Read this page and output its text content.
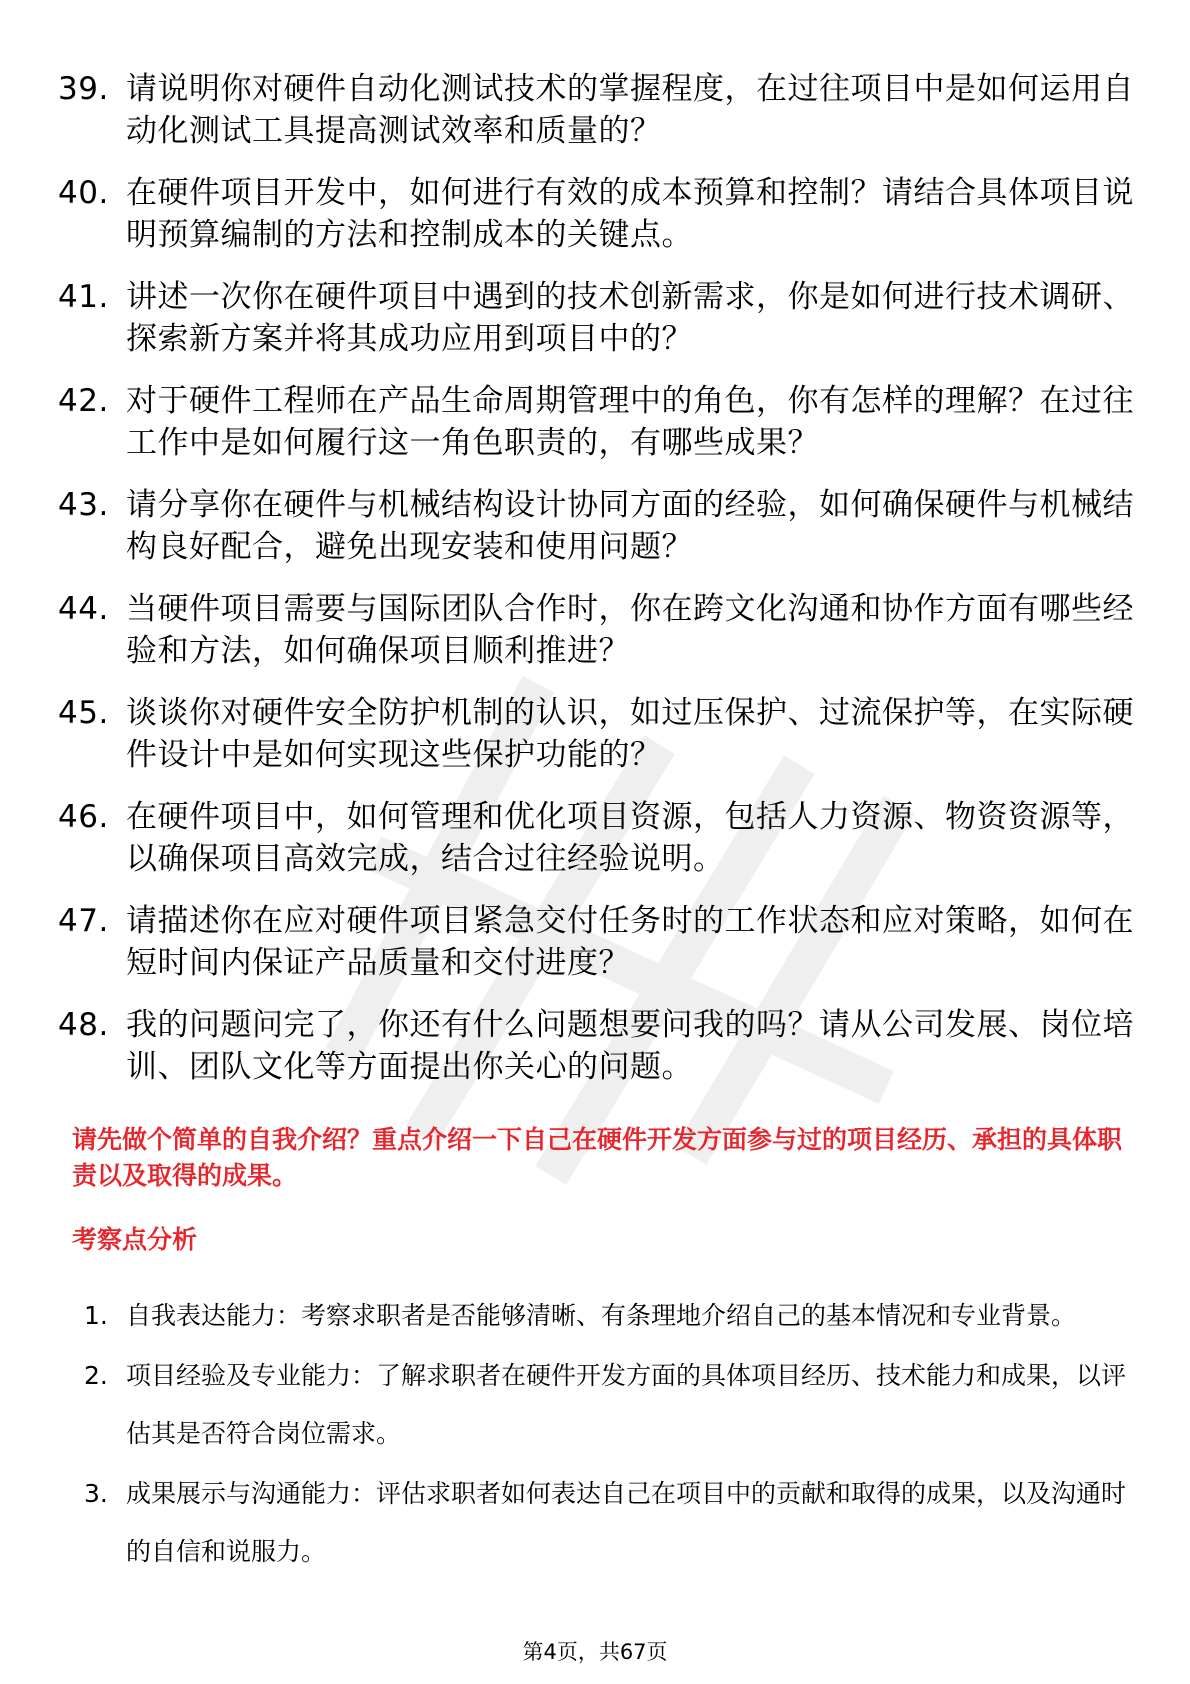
39. 请说明你对硬件自动化测试技术的掌握程度，在过往项目中是如何运用自动化测试工具提高测试效率和质量的？
40. 在硬件项目开发中，如何进行有效的成本预算和控制？请结合具体项目说明预算编制的方法和控制成本的关键点。
41. 讲述一次你在硬件项目中遇到的技术创新需求，你是如何进行技术调研、探索新方案并将其成功应用到项目中的？
42. 对于硬件工程师在产品生命周期管理中的角色，你有怎样的理解？在过往工作中是如何履行这一角色职责的，有哪些成果？
43. 请分享你在硬件与机械结构设计协同方面的经验，如何确保硬件与机械结构良好配合，避免出现安装和使用问题？
44. 当硬件项目需要与国际团队合作时，你在跨文化沟通和协作方面有哪些经验和方法，如何确保项目顺利推进？
45. 谈谈你对硬件安全防护机制的认识，如过压保护、过流保护等，在实际硬件设计中是如何实现这些保护功能的？
46. 在硬件项目中，如何管理和优化项目资源，包括人力资源、物资资源等，以确保项目高效完成，结合过往经验说明。
47. 请描述你在应对硬件项目紧急交付任务时的工作状态和应对策略，如何在短时间内保证产品质量和交付进度？
48. 我的问题问完了，你还有什么问题想要问我的吗？请从公司发展、岗位培训、团队文化等方面提出你关心的问题。
请先做个简单的自我介绍？重点介绍一下自己在硬件开发方面参与过的项目经历、承担的具体职责以及取得的成果。
考察点分析
1. 自我表达能力：考察求职者是否能够清晰、有条理地介绍自己的基本情况和专业背景。
2. 项目经验及专业能力：了解求职者在硬件开发方面的具体项目经历、技术能力和成果，以评估其是否符合岗位需求。
3. 成果展示与沟通能力：评估求职者如何表达自己在项目中的贡献和取得的成果，以及沟通时的自信和说服力。
第4页，共67页
